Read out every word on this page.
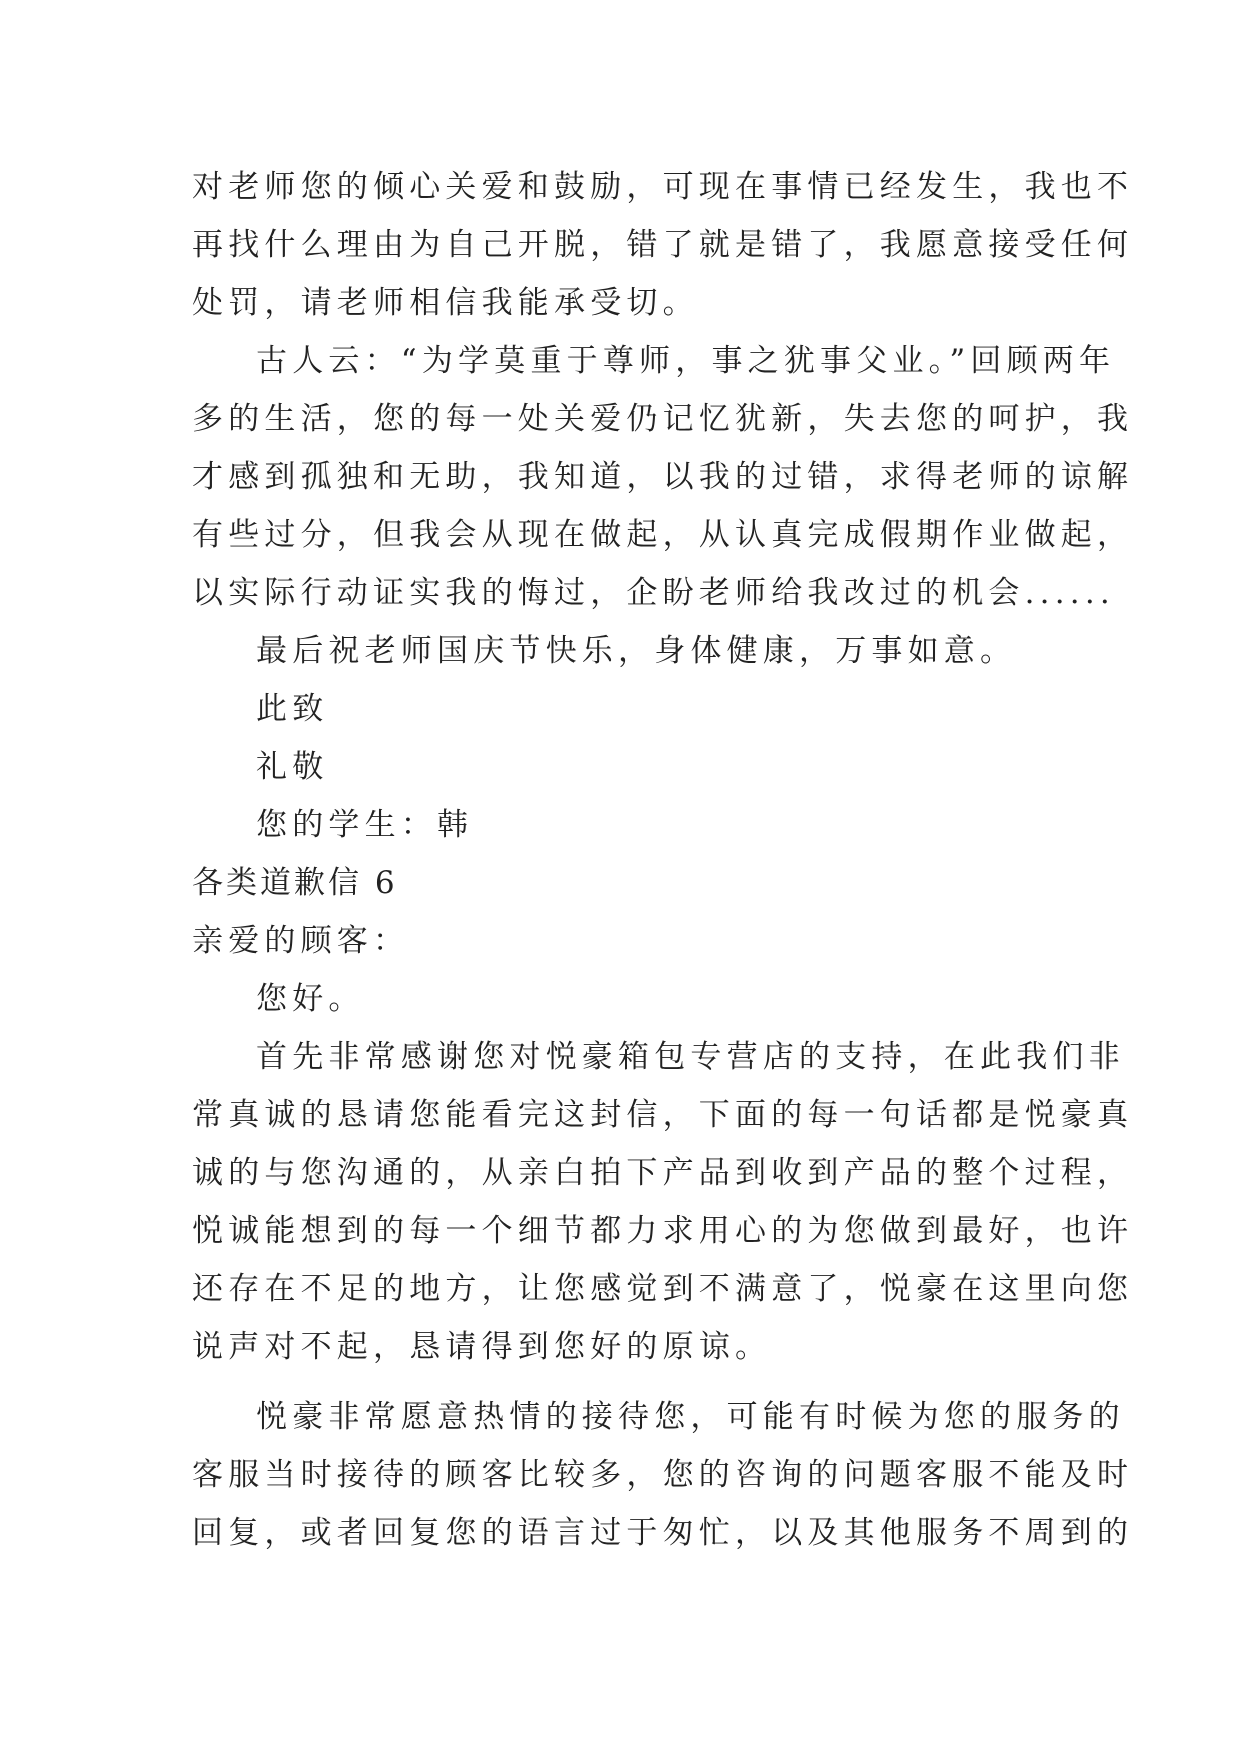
对老师您的倾心关爱和鼓励，可现在事情已经发生，我也不

再找什么理由为自己开脱，错了就是错了，我愿意接受任何

处罚，请老师相信我能承受切。

古人云：“为学莫重于尊师，事之犹事父业。”回顾两年

多的生活，您的每一处关爱仍记忆犹新，失去您的呵护，我

才感到孤独和无助，我知道，以我的过错，求得老师的谅解

有些过分，但我会从现在做起，从认真完成假期作业做起，

以实际行动证实我的悔过，企盼老师给我改过的机会......

最后祝老师国庆节快乐，身体健康，万事如意。

此致

礼敬

您的学生：韩

各类道歉信 6

亲爱的顾客：

您好。

首先非常感谢您对悦豪箱包专营店的支持，在此我们非

常真诚的恳请您能看完这封信，下面的每一句话都是悦豪真

诚的与您沟通的，从亲白拍下产品到收到产品的整个过程，

悦诚能想到的每一个细节都力求用心的为您做到最好，也许

还存在不足的地方，让您感觉到不满意了，悦豪在这里向您

说声对不起，恳请得到您好的原谅。

悦豪非常愿意热情的接待您，可能有时候为您的服务的

客服当时接待的顾客比较多，您的咨询的问题客服不能及时

回复，或者回复您的语言过于匆忙，以及其他服务不周到的
